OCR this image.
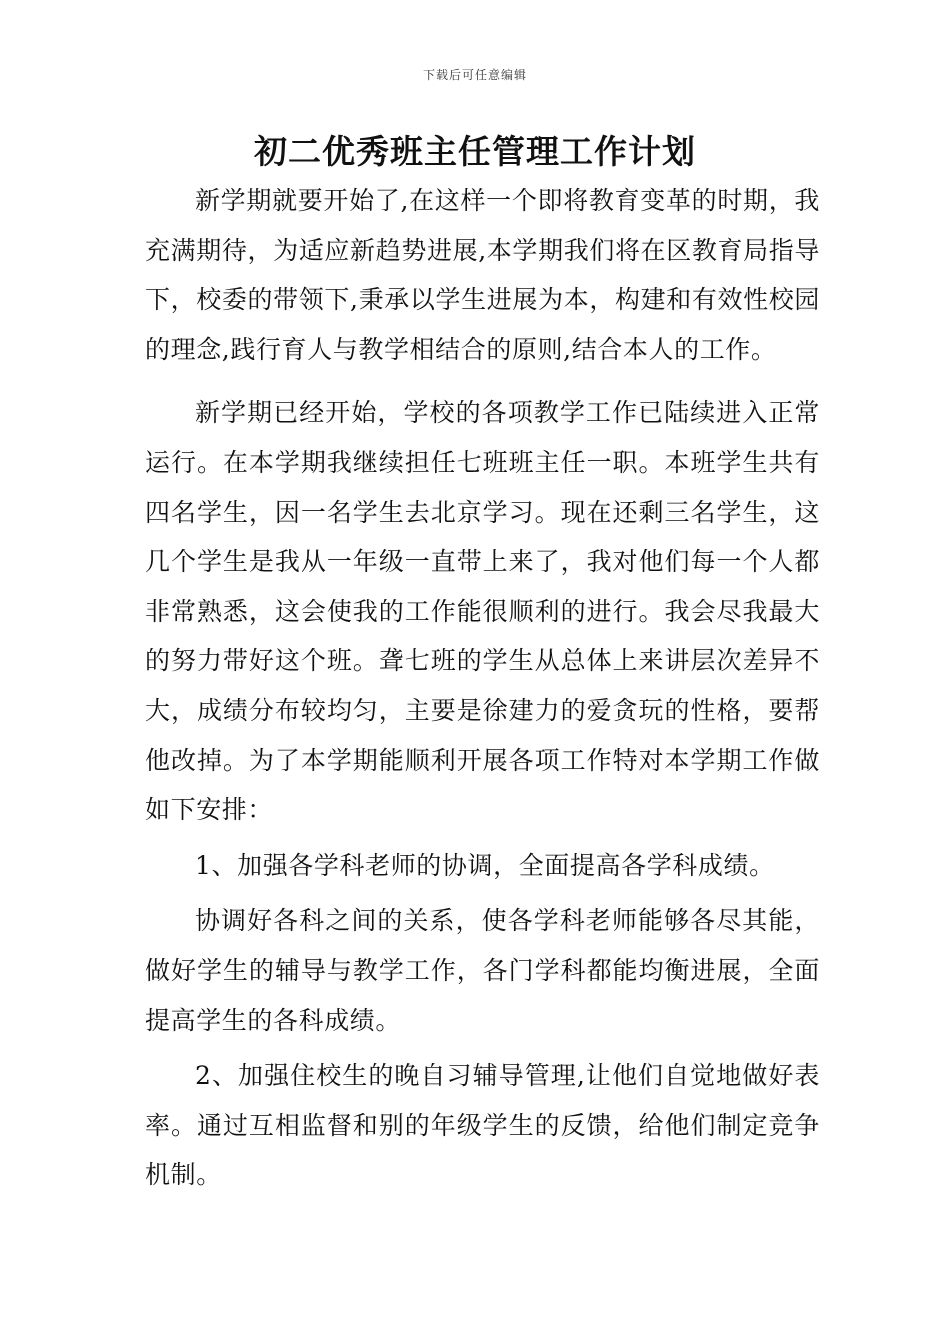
下载后可任意编辑
初二优秀班主任管理工作计划

新学期就要开始了,在这样一个即将教育变革的时期，我充满期待，为适应新趋势进展,本学期我们将在区教育局指导下，校委的带领下,秉承以学生进展为本，构建和有效性校园的理念,践行育人与教学相结合的原则,结合本人的工作。

新学期已经开始，学校的各项教学工作已陆续进入正常运行。在本学期我继续担任七班班主任一职。本班学生共有四名学生，因一名学生去北京学习。现在还剩三名学生，这几个学生是我从一年级一直带上来了，我对他们每一个人都非常熟悉，这会使我的工作能很顺利的进行。我会尽我最大的努力带好这个班。聋七班的学生从总体上来讲层次差异不大，成绩分布较均匀，主要是徐建力的爱贪玩的性格，要帮他改掉。为了本学期能顺利开展各项工作特对本学期工作做如下安排：

1、加强各学科老师的协调，全面提高各学科成绩。

协调好各科之间的关系，使各学科老师能够各尽其能，做好学生的辅导与教学工作，各门学科都能均衡进展，全面提高学生的各科成绩。

2、加强住校生的晚自习辅导管理,让他们自觉地做好表率。通过互相监督和别的年级学生的反馈，给他们制定竞争机制。
